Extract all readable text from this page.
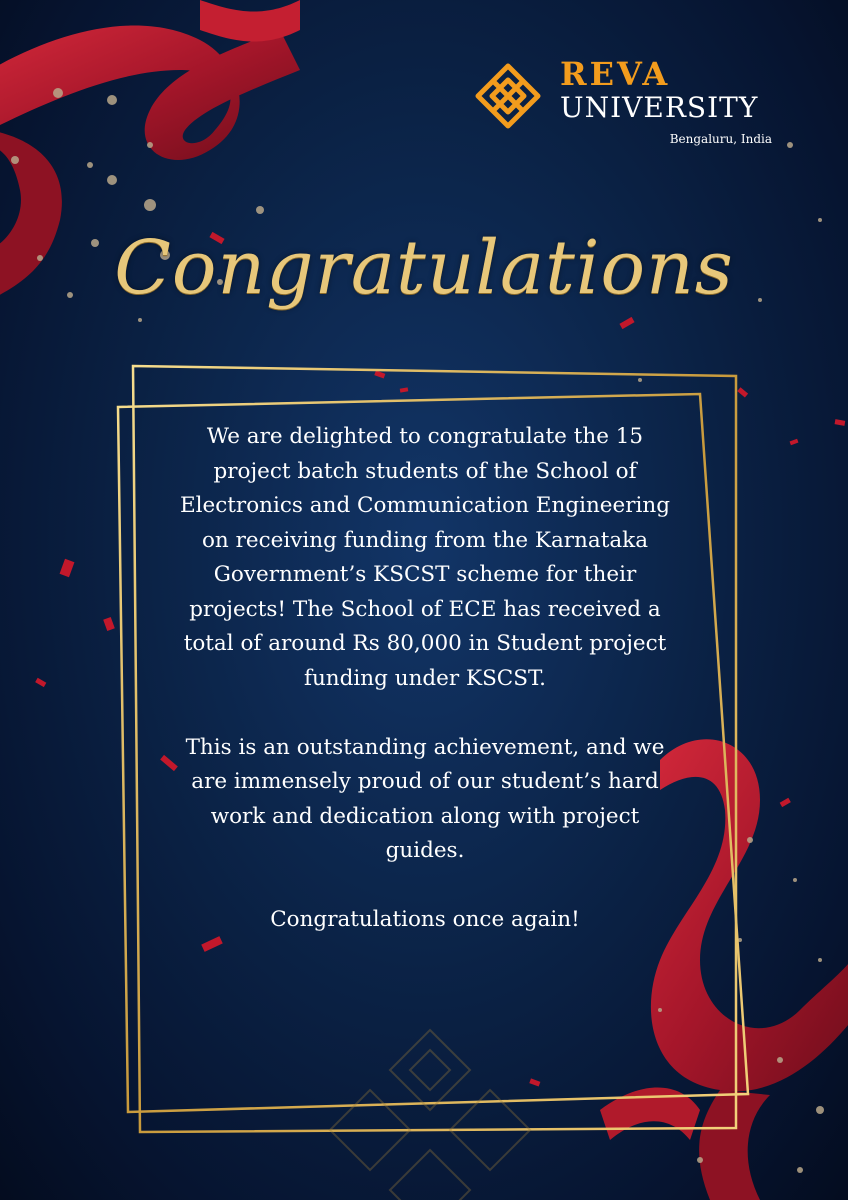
REVA
UNIVERSITY
Bengaluru, India
Congratulations

We are delighted to congratulate the 15 project batch students of the School of Electronics and Communication Engineering on receiving funding from the Karnataka Government’s KSCST scheme for their projects! The School of ECE has received a total of around Rs 80,000 in Student project funding under KSCST.

This is an outstanding achievement, and we are immensely proud of our student’s hard work and dedication along with project guides.

Congratulations once again!
